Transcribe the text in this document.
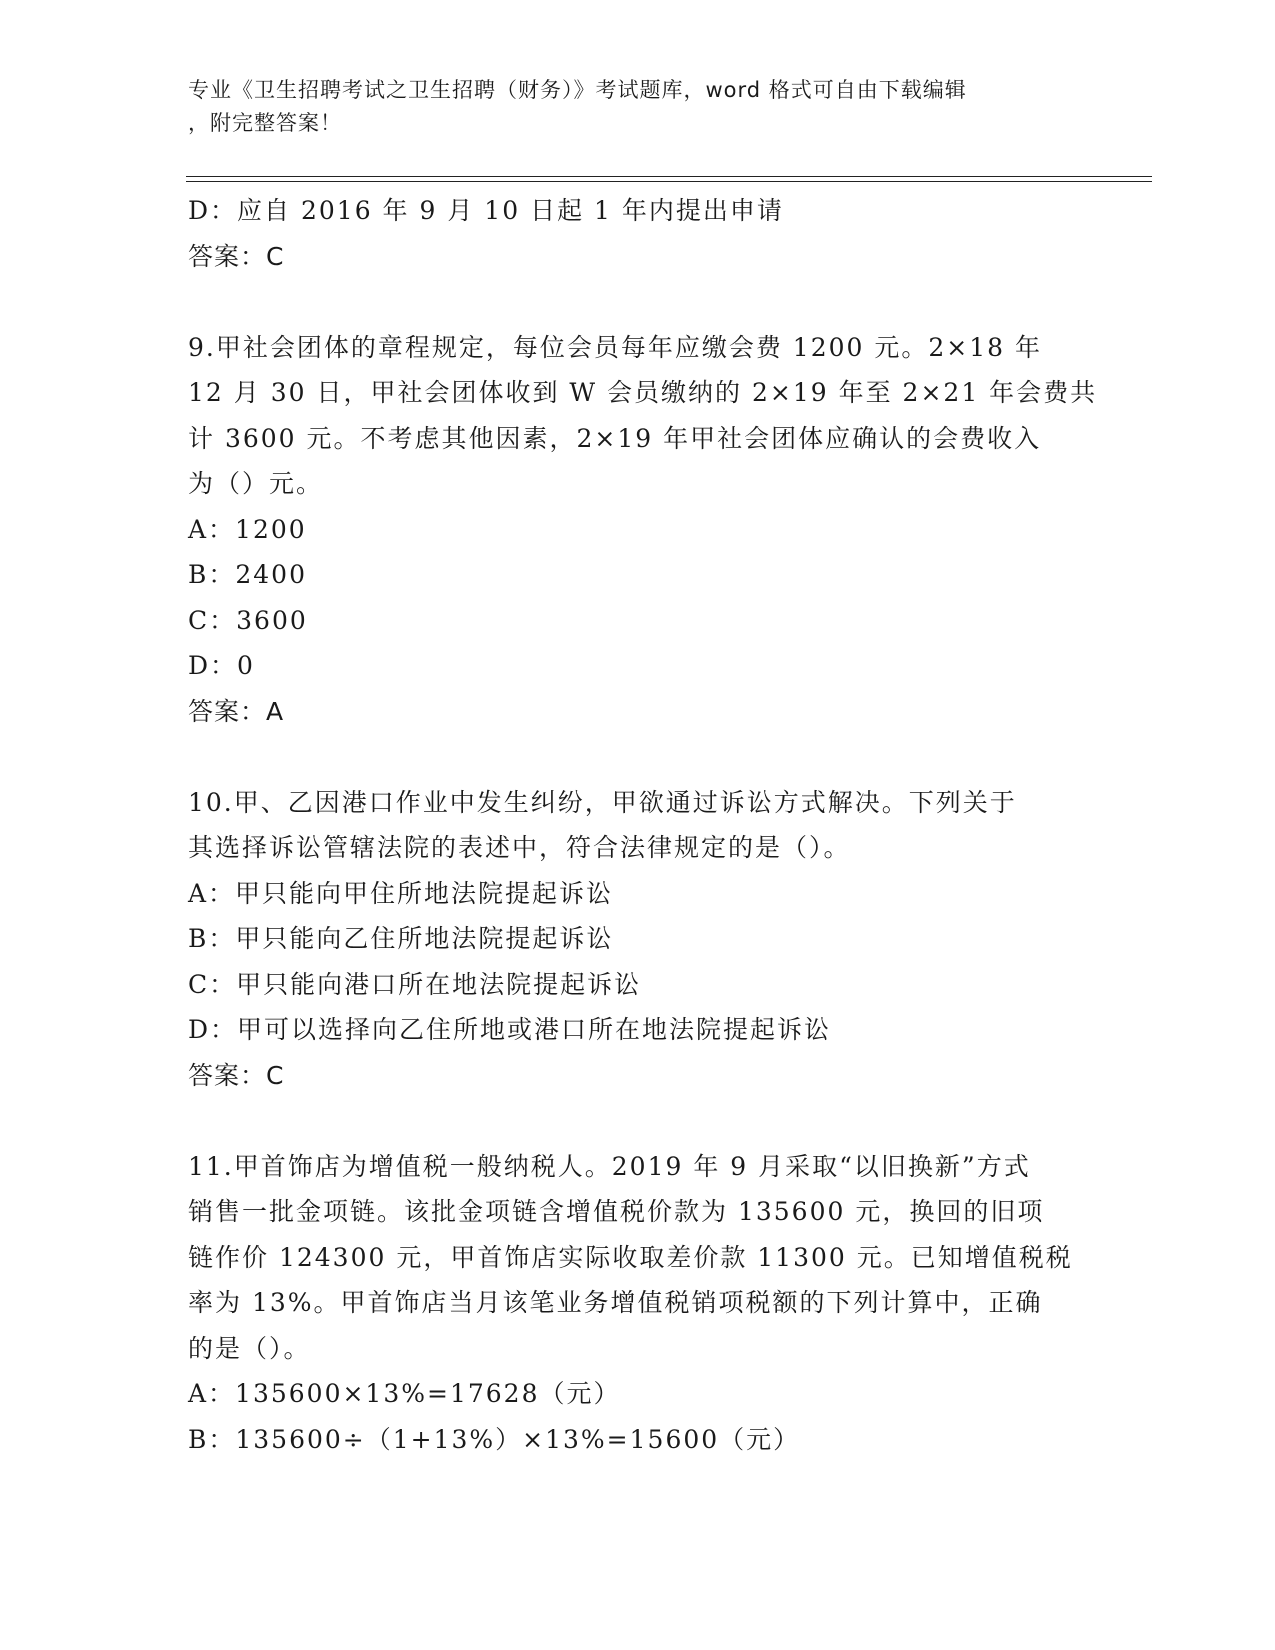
专业《卫生招聘考试之卫生招聘（财务）》考试题库，word 格式可自由下载编辑
，附完整答案！
D：应自 2016 年 9 月 10 日起 1 年内提出申请
答案：C
9.甲社会团体的章程规定，每位会员每年应缴会费 1200 元。2×18 年
12 月 30 日，甲社会团体收到 W 会员缴纳的 2×19 年至 2×21 年会费共
计 3600 元。不考虑其他因素，2×19 年甲社会团体应确认的会费收入
为（）元。
A：1200
B：2400
C：3600
D：0
答案：A
10.甲、乙因港口作业中发生纠纷，甲欲通过诉讼方式解决。下列关于
其选择诉讼管辖法院的表述中，符合法律规定的是（）。
A：甲只能向甲住所地法院提起诉讼
B：甲只能向乙住所地法院提起诉讼
C：甲只能向港口所在地法院提起诉讼
D：甲可以选择向乙住所地或港口所在地法院提起诉讼
答案：C
11.甲首饰店为增值税一般纳税人。2019 年 9 月采取“以旧换新”方式
销售一批金项链。该批金项链含增值税价款为 135600 元，换回的旧项
链作价 124300 元，甲首饰店实际收取差价款 11300 元。已知增值税税
率为 13%。甲首饰店当月该笔业务增值税销项税额的下列计算中，正确
的是（）。
A：135600×13%=17628（元）
B：135600÷（1+13%）×13%=15600（元）
